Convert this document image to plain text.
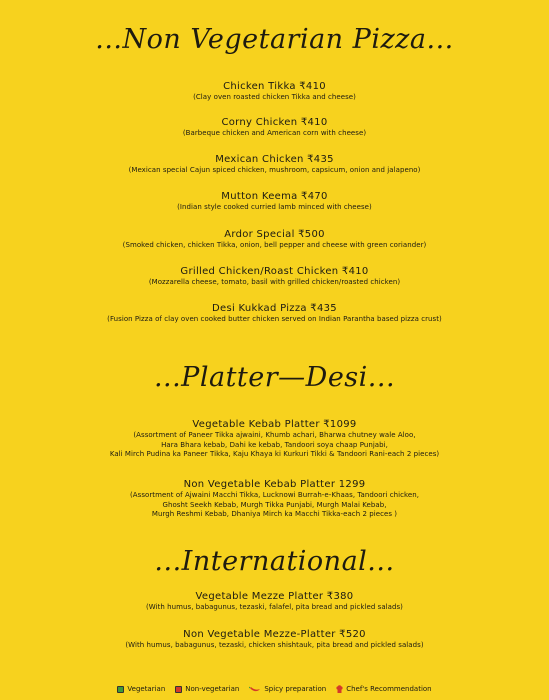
...Non Vegetarian Pizza...
Chicken Tikka ₹410
(Clay oven roasted chicken Tikka and cheese)
Corny Chicken ₹410
(Barbeque chicken and American corn with cheese)
Mexican Chicken ₹435
(Mexican special Cajun spiced chicken, mushroom, capsicum, onion and jalapeno)
Mutton Keema ₹470
(Indian style cooked curried lamb minced with cheese)
Ardor Special ₹500
(Smoked chicken, chicken Tikka, onion, bell pepper and cheese with green coriander)
Grilled Chicken/Roast Chicken ₹410
(Mozzarella cheese, tomato, basil with grilled chicken/roasted chicken)
Desi Kukkad Pizza ₹435
(Fusion Pizza of clay oven cooked butter chicken served on Indian Parantha based pizza crust)
...Platter—Desi...
Vegetable Kebab Platter ₹1099
(Assortment of Paneer Tikka ajwaini, Khumb achari, Bharwa chutney wale Aloo,
Hara Bhara kebab, Dahi ke kebab, Tandoori soya chaap Punjabi,
Kali Mirch Pudina ka Paneer Tikka, Kaju Khaya ki Kurkuri Tikki & Tandoori Rani-each 2 pieces)
Non Vegetable Kebab Platter 1299
(Assortment of Ajwaini Macchi Tikka, Lucknowi Burrah-e-Khaas, Tandoori chicken,
Ghosht Seekh Kebab, Murgh Tikka Punjabi, Murgh Malai Kebab,
Murgh Reshmi Kebab, Dhaniya Mirch ka Macchi Tikka-each 2 pieces )
...International...
Vegetable Mezze Platter ₹380
(With humus, babagunus, tezaski, falafel, pita bread and pickled salads)
Non Vegetable Mezze-Platter ₹520
(With humus, babagunus, tezaski, chicken shishtauk, pita bread and pickled salads)
Vegetarian	Non-vegetarian	Spicy preparation	Chef's Recommendation
